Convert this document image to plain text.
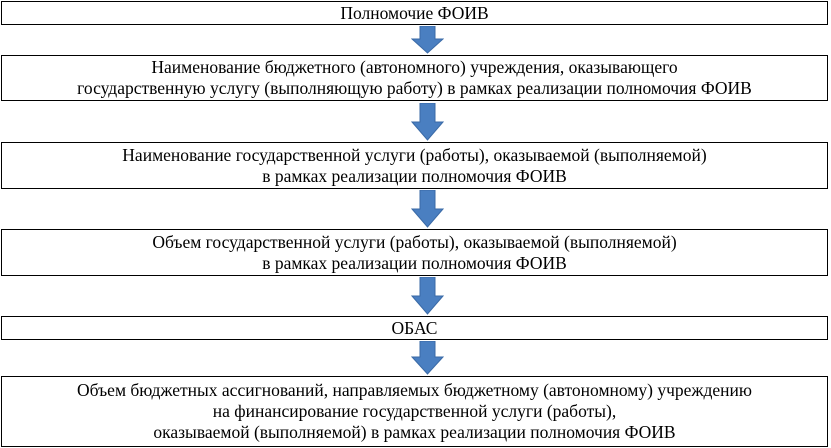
Полномочие ФОИВ
Наименование бюджетного (автономного) учреждения, оказывающего
государственную услугу (выполняющую работу) в рамках реализации полномочия ФОИВ
Наименование государственной услуги (работы), оказываемой (выполняемой)
в рамках реализации полномочия ФОИВ
Объем государственной услуги (работы), оказываемой (выполняемой)
в рамках реализации полномочия ФОИВ
ОБАС
Объем бюджетных ассигнований, направляемых бюджетному (автономному) учреждению
на финансирование государственной услуги (работы),
оказываемой (выполняемой) в рамках реализации полномочия ФОИВ
